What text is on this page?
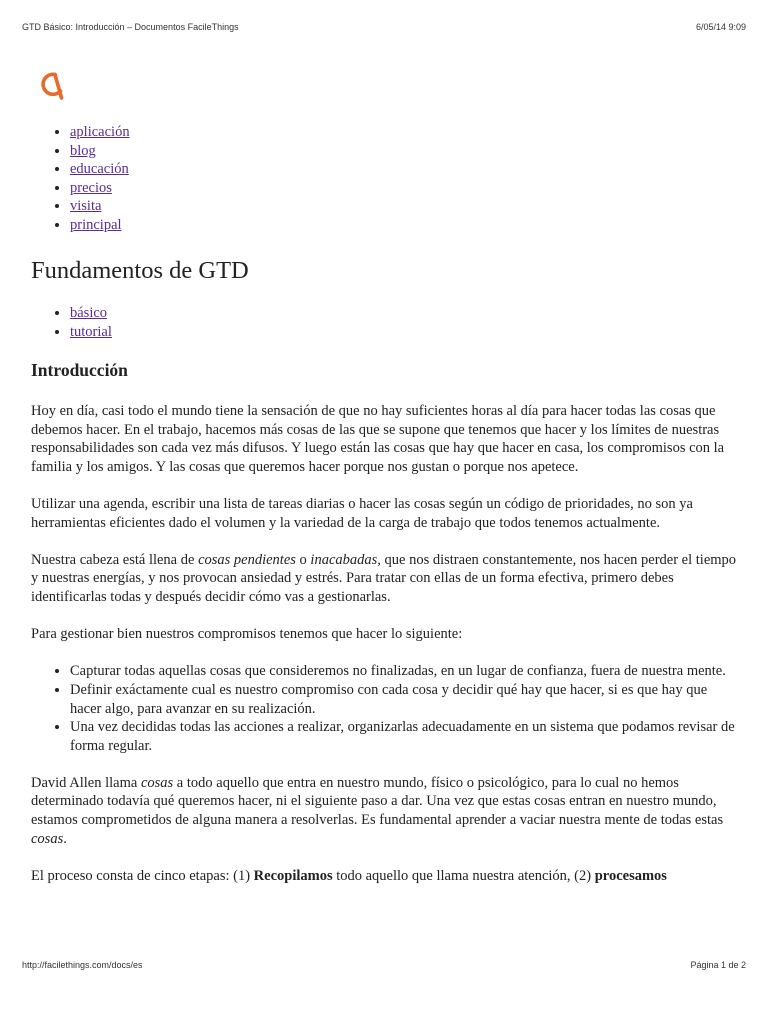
GTD Básico: Introducción – Documentos FacileThings	6/05/14 9:09
• aplicación
• blog
• educación
• precios
• visita
• principal
Fundamentos de GTD
• básico
• tutorial
Introducción

Hoy en día, casi todo el mundo tiene la sensación de que no hay suficientes horas al día para hacer todas las cosas que debemos hacer. En el trabajo, hacemos más cosas de las que se supone que tenemos que hacer y los límites de nuestras responsabilidades son cada vez más difusos. Y luego están las cosas que hay que hacer en casa, los compromisos con la familia y los amigos. Y las cosas que queremos hacer porque nos gustan o porque nos apetece.

Utilizar una agenda, escribir una lista de tareas diarias o hacer las cosas según un código de prioridades, no son ya herramientas eficientes dado el volumen y la variedad de la carga de trabajo que todos tenemos actualmente.

Nuestra cabeza está llena de cosas pendientes o inacabadas, que nos distraen constantemente, nos hacen perder el tiempo y nuestras energías, y nos provocan ansiedad y estrés. Para tratar con ellas de un forma efectiva, primero debes identificarlas todas y después decidir cómo vas a gestionarlas.

Para gestionar bien nuestros compromisos tenemos que hacer lo siguiente:

• Capturar todas aquellas cosas que consideremos no finalizadas, en un lugar de confianza, fuera de nuestra mente.
• Definir exáctamente cual es nuestro compromiso con cada cosa y decidir qué hay que hacer, si es que hay que hacer algo, para avanzar en su realización.
• Una vez decididas todas las acciones a realizar, organizarlas adecuadamente en un sistema que podamos revisar de forma regular.

David Allen llama cosas a todo aquello que entra en nuestro mundo, físico o psicológico, para lo cual no hemos determinado todavía qué queremos hacer, ni el siguiente paso a dar. Una vez que estas cosas entran en nuestro mundo, estamos comprometidos de alguna manera a resolverlas. Es fundamental aprender a vaciar nuestra mente de todas estas cosas.

El proceso consta de cinco etapas: (1) Recopilamos todo aquello que llama nuestra atención, (2) procesamos

http://facilethings.com/docs/es	Página 1 de 2
